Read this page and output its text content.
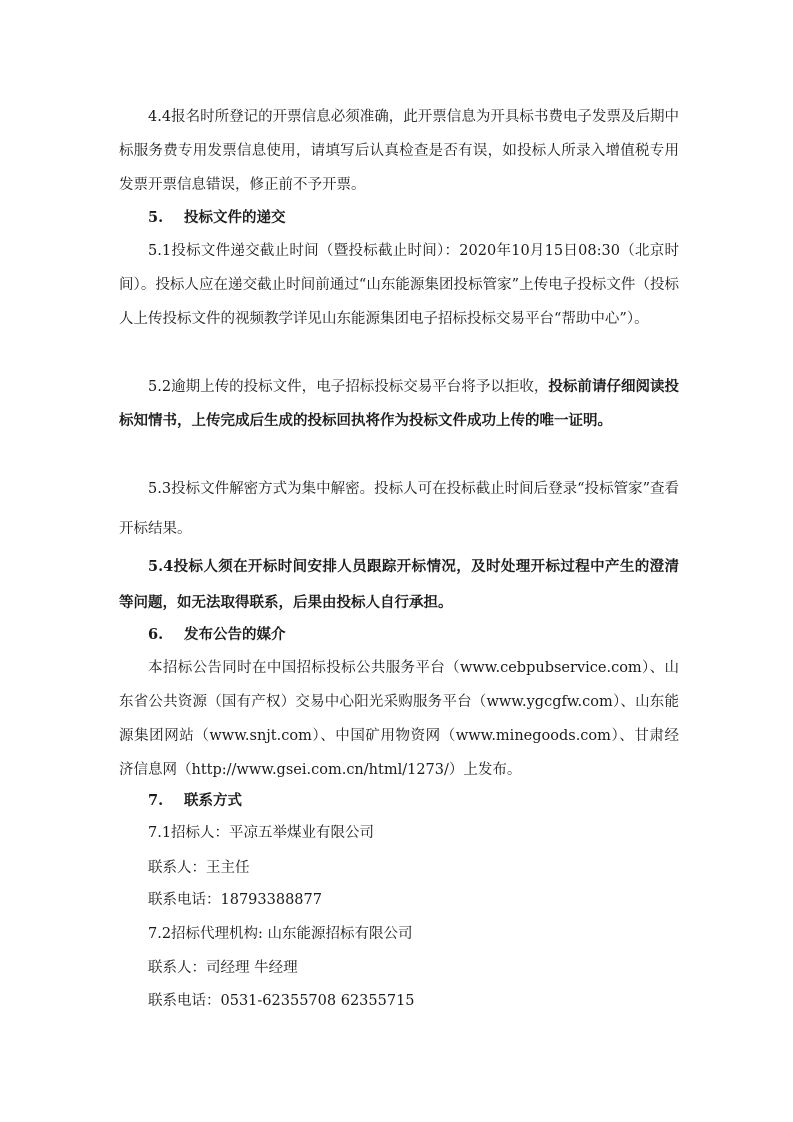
4.4报名时所登记的开票信息必须准确，此开票信息为开具标书费电子发票及后期中标服务费专用发票信息使用，请填写后认真检查是否有误，如投标人所录入增值税专用发票开票信息错误，修正前不予开票。

5. 投标文件的递交

5.1投标文件递交截止时间（暨投标截止时间）：2020年10月15日08:30（北京时间）。投标人应在递交截止时间前通过“山东能源集团投标管家”上传电子投标文件（投标人上传投标文件的视频教学详见山东能源集团电子招标投标交易平台“帮助中心”）。

5.2逾期上传的投标文件，电子招标投标交易平台将予以拒收，投标前请仔细阅读投标知情书，上传完成后生成的投标回执将作为投标文件成功上传的唯一证明。

5.3投标文件解密方式为集中解密。投标人可在投标截止时间后登录“投标管家”查看开标结果。

5.4投标人须在开标时间安排人员跟踪开标情况，及时处理开标过程中产生的澄清等问题，如无法取得联系，后果由投标人自行承担。

6. 发布公告的媒介

本招标公告同时在中国招标投标公共服务平台（www.cebpubservice.com）、山东省公共资源（国有产权）交易中心阳光采购服务平台（www.ygcgfw.com）、山东能源集团网站（www.snjt.com）、中国矿用物资网（www.minegoods.com）、甘肃经济信息网（http://www.gsei.com.cn/html/1273/）上发布。

7. 联系方式
7.1招标人：平凉五举煤业有限公司
联系人：王主任
联系电话：18793388877
7.2招标代理机构: 山东能源招标有限公司
联系人：司经理 牛经理
联系电话：0531-62355708 62355715
